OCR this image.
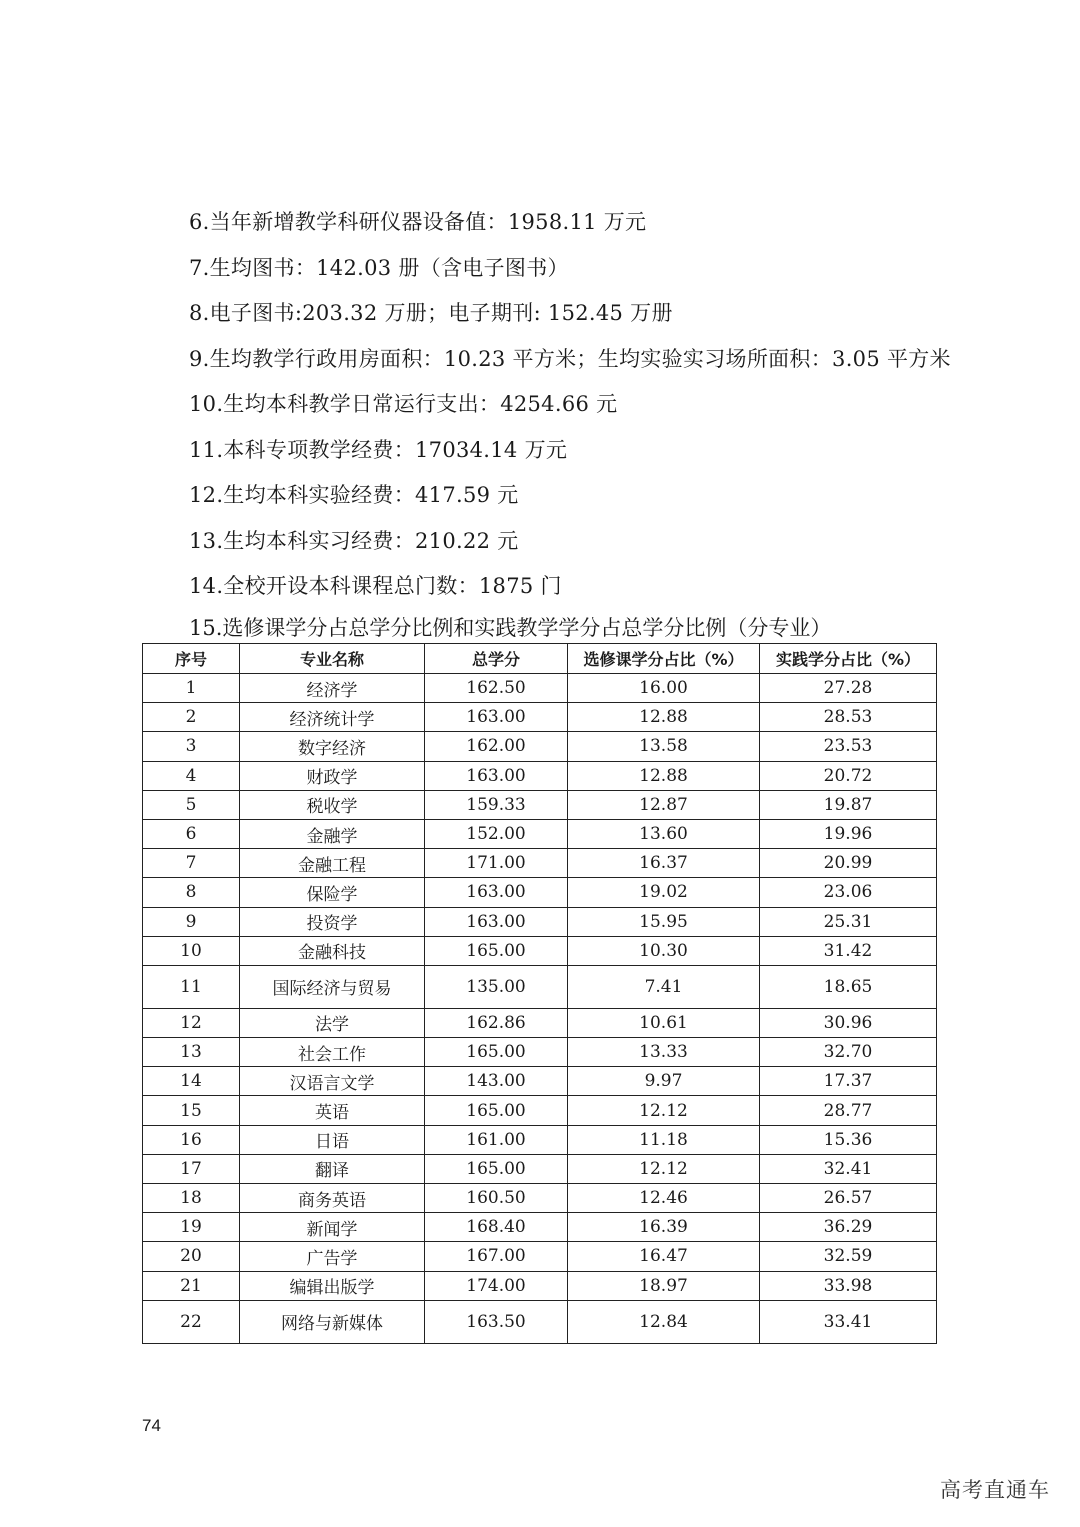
6.当年新增教学科研仪器设备值：1958.11 万元
7.生均图书：142.03 册（含电子图书）
8.电子图书:203.32 万册；电子期刊: 152.45 万册
9.生均教学行政用房面积：10.23 平方米；生均实验实习场所面积：3.05 平方米
10.生均本科教学日常运行支出：4254.66 元
11.本科专项教学经费：17034.14 万元
12.生均本科实验经费：417.59 元
13.生均本科实习经费：210.22 元
14.全校开设本科课程总门数：1875 门
15.选修课学分占总学分比例和实践教学学分占总学分比例（分专业）
序号	专业名称	总学分	选修课学分占比（%）	实践学分占比（%）
1	经济学	162.50	16.00	27.28
2	经济统计学	163.00	12.88	28.53
3	数字经济	162.00	13.58	23.53
4	财政学	163.00	12.88	20.72
5	税收学	159.33	12.87	19.87
6	金融学	152.00	13.60	19.96
7	金融工程	171.00	16.37	20.99
8	保险学	163.00	19.02	23.06
9	投资学	163.00	15.95	25.31
10	金融科技	165.00	10.30	31.42
11	国际经济与贸易	135.00	7.41	18.65
12	法学	162.86	10.61	30.96
13	社会工作	165.00	13.33	32.70
14	汉语言文学	143.00	9.97	17.37
15	英语	165.00	12.12	28.77
16	日语	161.00	11.18	15.36
17	翻译	165.00	12.12	32.41
18	商务英语	160.50	12.46	26.57
19	新闻学	168.40	16.39	36.29
20	广告学	167.00	16.47	32.59
21	编辑出版学	174.00	18.97	33.98
22	网络与新媒体	163.50	12.84	33.41
74
高考直通车
